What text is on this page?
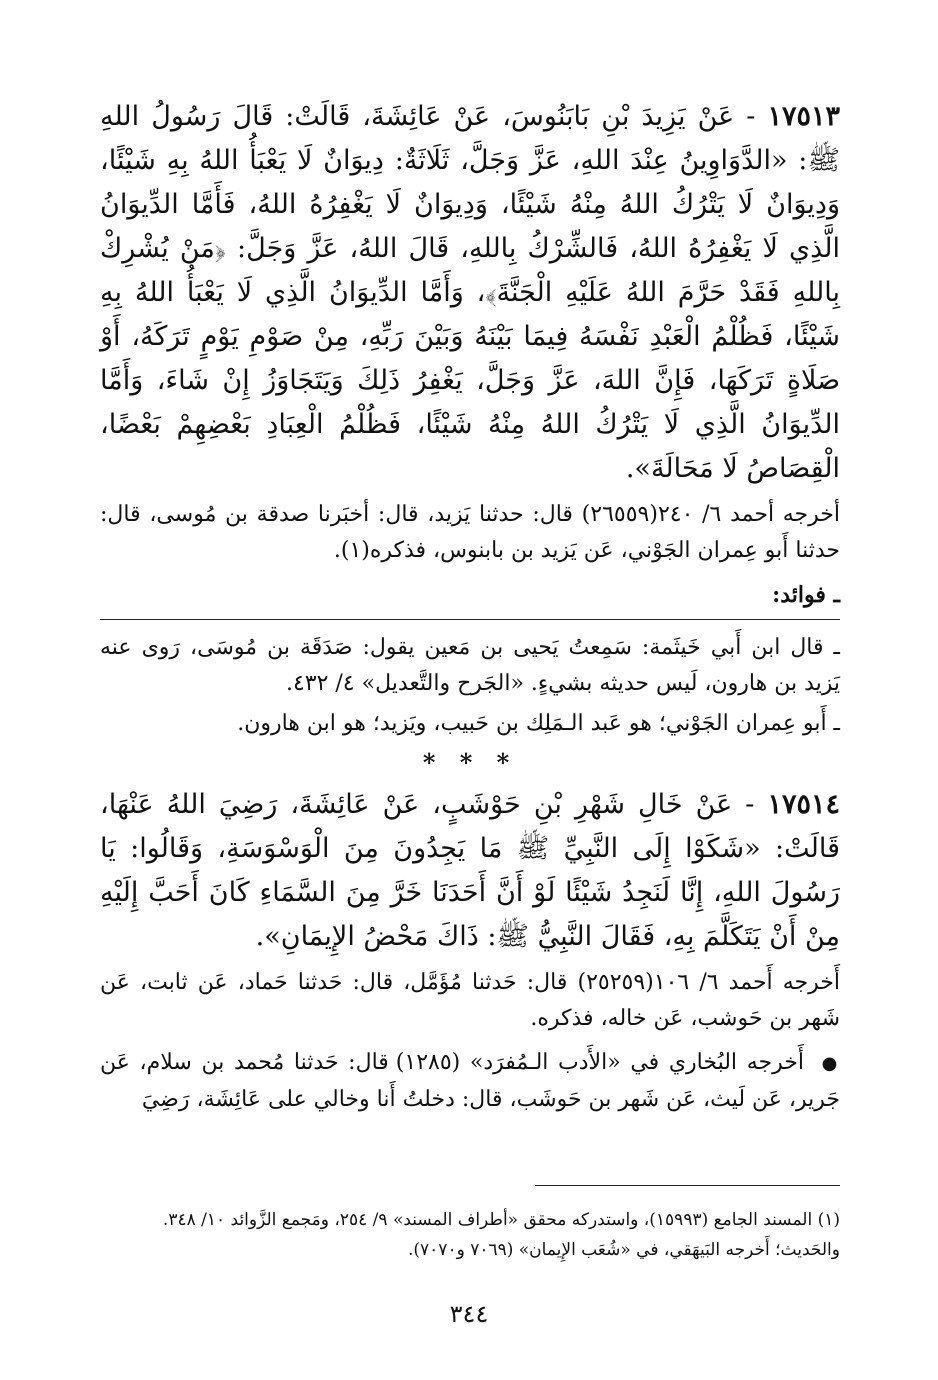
١٧٥١٣ - عَنْ يَزِيدَ بْنِ بَابَنُوسَ، عَنْ عَائِشَةَ، قَالَتْ: قَالَ رَسُولُ اللهِ ﷺ: «الدَّوَاوِينُ عِنْدَ اللهِ، عَزَّ وَجَلَّ، ثَلَاثَةٌ: دِيوَانٌ لَا يَعْبَأُ اللهُ بِهِ شَيْئًا، وَدِيوَانٌ لَا يَتْرُكُ اللهُ مِنْهُ شَيْئًا، وَدِيوَانٌ لَا يَغْفِرُهُ اللهُ، فَأَمَّا الدِّيوَانُ الَّذِي لَا يَغْفِرُهُ اللهُ، فَالشِّرْكُ بِاللهِ، قَالَ اللهُ، عَزَّ وَجَلَّ: ﴿مَنْ يُشْرِكْ بِاللهِ فَقَدْ حَرَّمَ اللهُ عَلَيْهِ الْجَنَّةَ﴾، وَأَمَّا الدِّيوَانُ الَّذِي لَا يَعْبَأُ اللهُ بِهِ شَيْئًا، فَظُلْمُ الْعَبْدِ نَفْسَهُ فِيمَا بَيْنَهُ وَبَيْنَ رَبِّهِ، مِنْ صَوْمِ يَوْمٍ تَرَكَهُ، أَوْ صَلَاةٍ تَرَكَهَا، فَإِنَّ اللهَ، عَزَّ وَجَلَّ، يَغْفِرُ ذَلِكَ وَيَتَجَاوَزُ إِنْ شَاءَ، وَأَمَّا الدِّيوَانُ الَّذِي لَا يَتْرُكُ اللهُ مِنْهُ شَيْئًا، فَظُلْمُ الْعِبَادِ بَعْضِهِمْ بَعْضًا، الْقِصَاصُ لَا مَحَالَةَ».

أخرجه أحمد ٦/ ٢٤٠(٢٦٥٥٩) قال: حدثنا يَزيد، قال: أخبَرنا صدقة بن مُوسى، قال: حدثنا أَبو عِمران الجَوْني، عَن يَزيد بن بابنوس، فذكره(١).

ـ فوائد:

ـ قال ابن أَبي خَيثَمة: سَمِعتُ يَحيى بن مَعين يقول: صَدَقَة بن مُوسَى، رَوى عنه يَزيد بن هارون، لَيس حديثه بشيءٍ. «الجَرح والتَّعديل» ٤/ ٤٣٢.

ـ أَبو عِمران الجَوْني؛ هو عَبد الـمَلِك بن حَبيب، ويَزيد؛ هو ابن هارون.

* * *

١٧٥١٤ - عَنْ خَالِ شَهْرِ بْنِ حَوْشَبٍ، عَنْ عَائِشَةَ، رَضِيَ اللهُ عَنْهَا، قَالَتْ: «شَكَوْا إِلَى النَّبِيِّ ﷺ مَا يَجِدُونَ مِنَ الْوَسْوَسَةِ، وَقَالُوا: يَا رَسُولَ اللهِ، إِنَّا لَنَجِدُ شَيْئًا لَوْ أَنَّ أَحَدَنَا خَرَّ مِنَ السَّمَاءِ كَانَ أَحَبَّ إِلَيْهِ مِنْ أَنْ يَتَكَلَّمَ بِهِ، فَقَالَ النَّبِيُّ ﷺ: ذَاكَ مَحْضُ الإِيمَانِ».

أَخرجه أَحمد ٦/ ١٠٦(٢٥٢٥٩) قال: حَدثنا مُؤَمَّل، قال: حَدثنا حَماد، عَن ثابت، عَن شَهر بن حَوشب، عَن خاله، فذكره.

● أَخرجه البُخاري في «الأَدب الـمُفرَد» (١٢٨٥) قال: حَدثنا مُحمد بن سلام، عَن جَرير، عَن لَيث، عَن شَهر بن حَوشَب، قال: دخلتُ أَنا وخالي على عَائِشَة، رَضِيَ

(١) المسند الجامع (١٥٩٩٣)، واستدركه محقق «أطراف المسند» ٩/ ٢٥٤، ومَجمع الزَّوائد ١٠/ ٣٤٨.
والحَديث؛ أَخرجه البَيهَقي، في «شُعَب الإِيمان» (٧٠٦٩ و٧٠٧٠).
٣٤٤
